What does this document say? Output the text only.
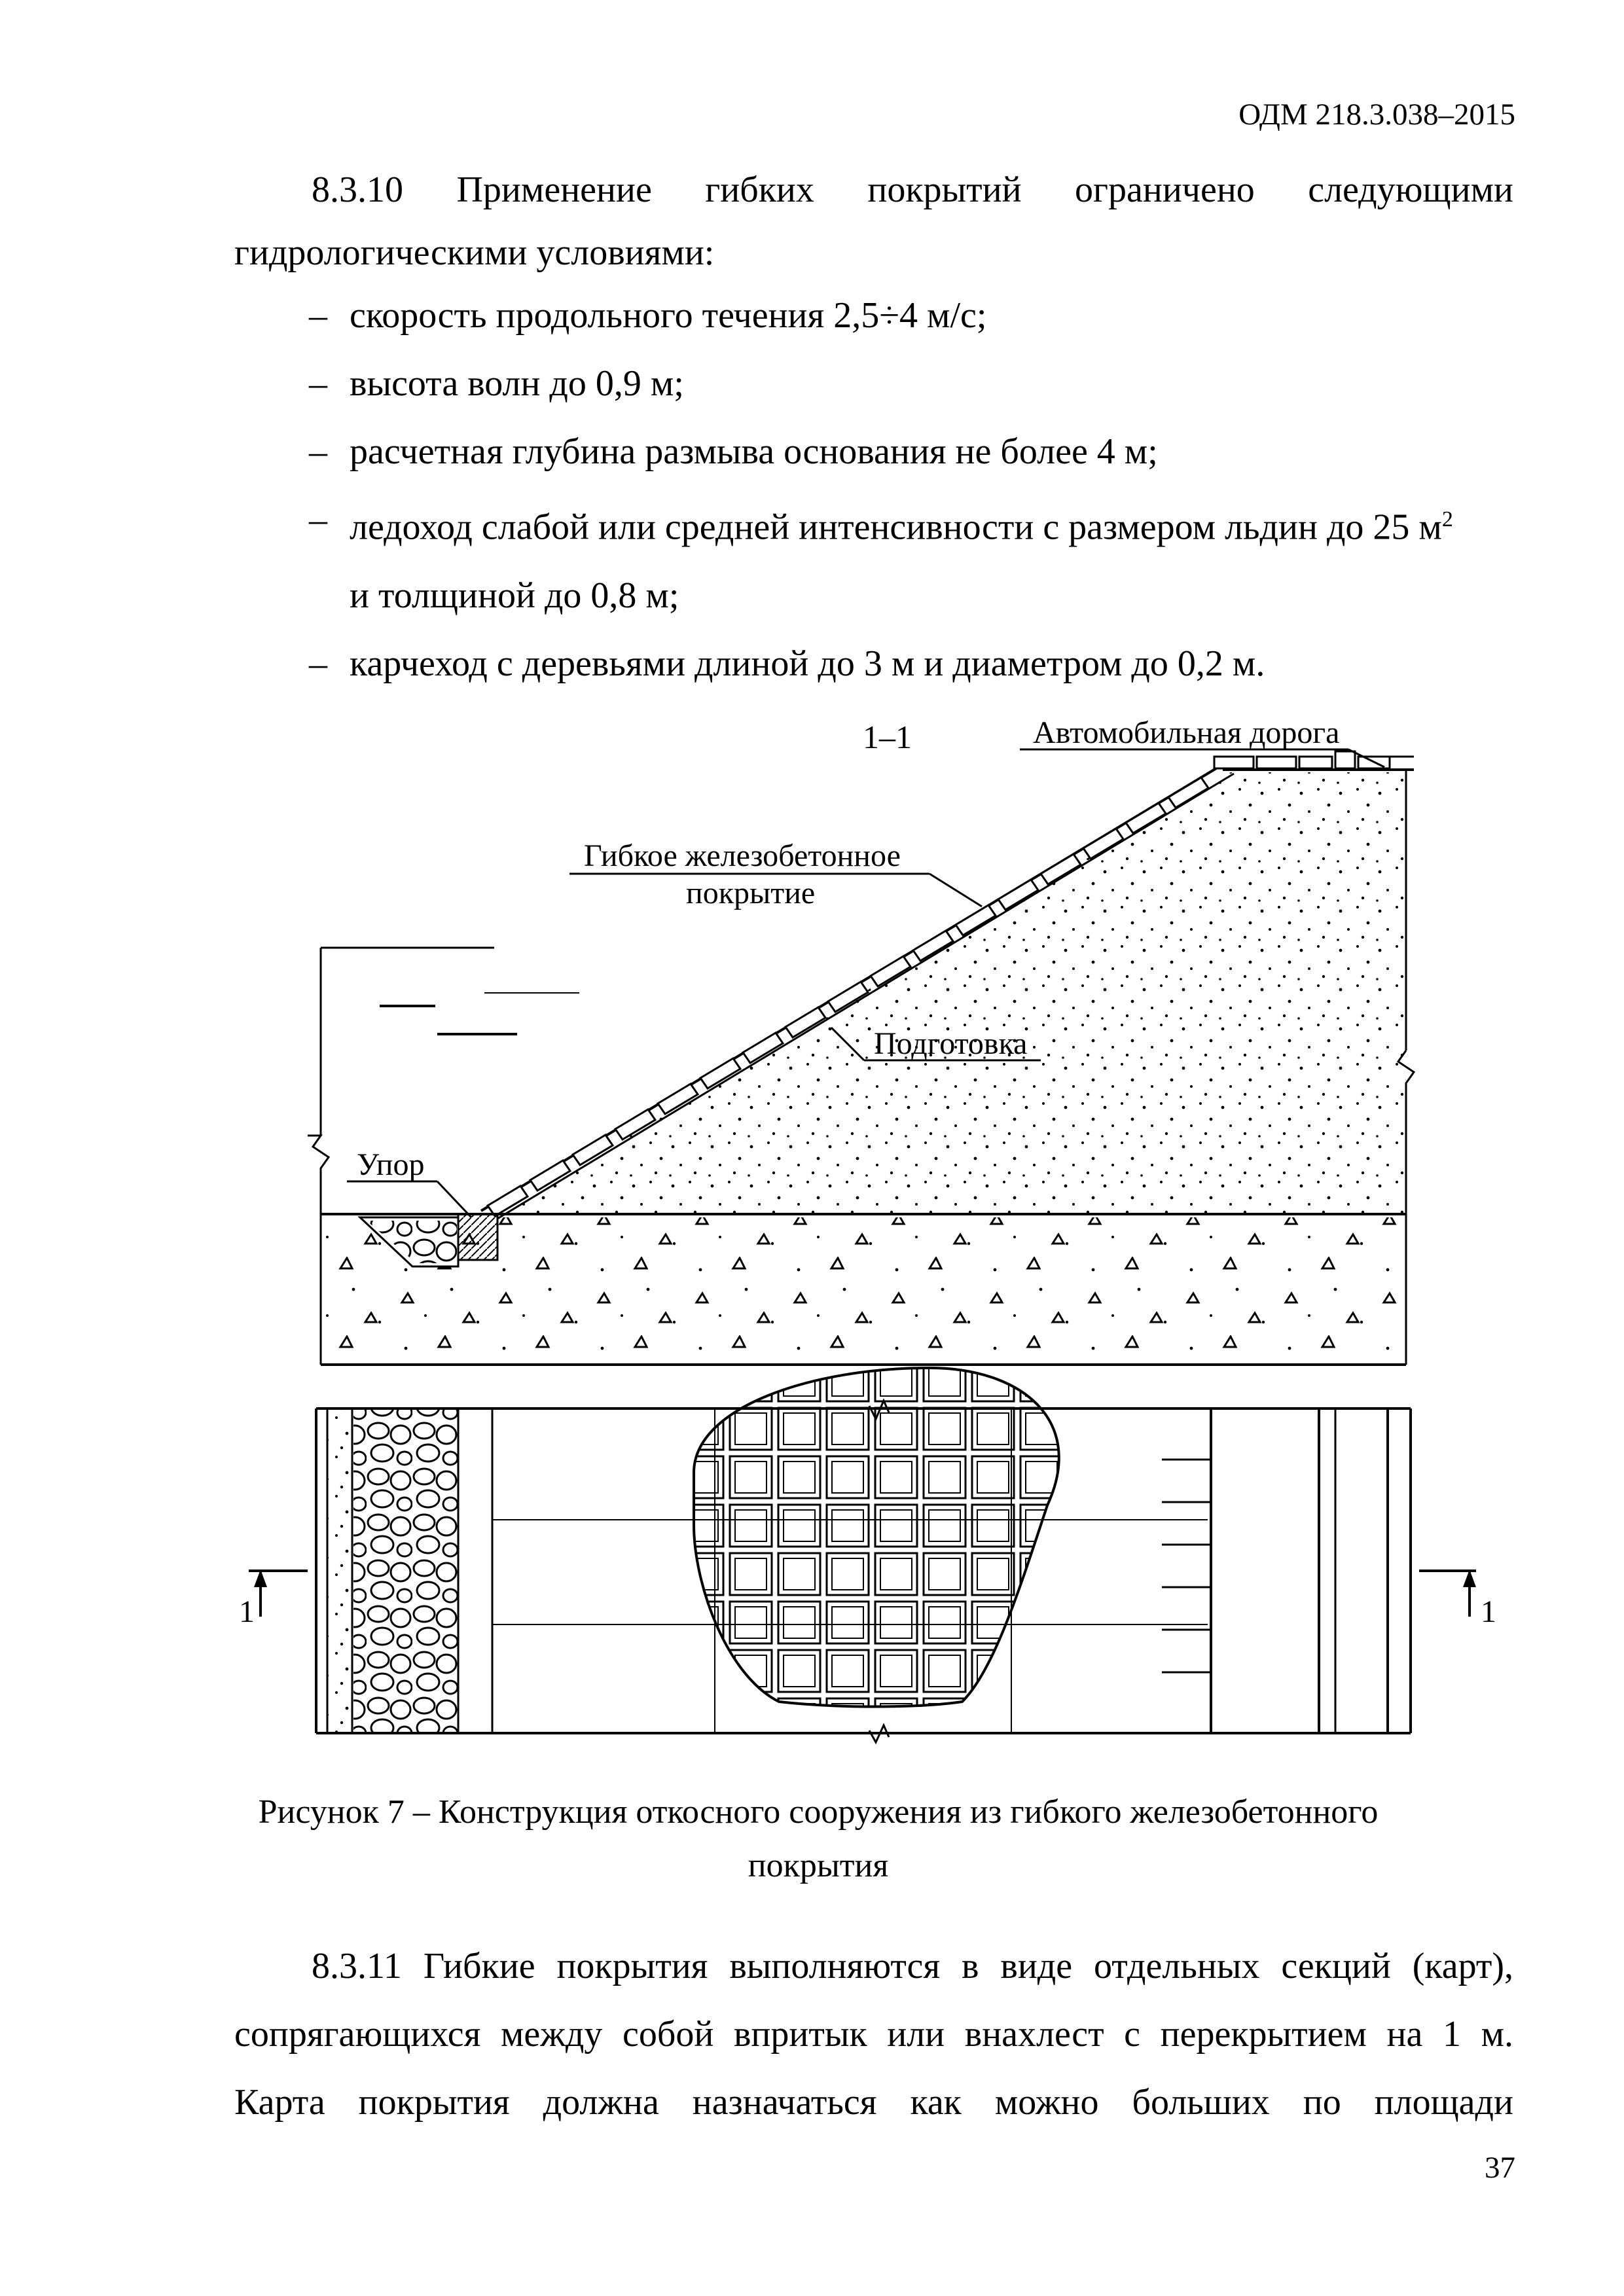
ОДМ 218.3.038–2015

8.3.10 Применение гибких покрытий ограничено следующими

гидрологическими условиями:

– скорость продольного течения 2,5÷4 м/с;
– высота волн до 0,9 м;
– расчетная глубина размыва основания не более 4 м;
– ледоход слабой или средней интенсивности с размером льдин до 25 $м^2$
и толщиной до 0,8 м;
– карчеход с деревьями длиной до 3 м и диаметром до 0,2 м.
1–1	Автомобильная дорога
Гибкое железобетонное
покрытие
Подготовка
Упор
1	1
Рисунок 7 – Конструкция откосного сооружения из гибкого железобетонного
покрытия

8.3.11 Гибкие покрытия выполняются в виде отдельных секций (карт),
сопрягающихся между собой впритык или внахлест с перекрытием на 1 м.
Карта покрытия должна назначаться как можно больших по площади

37
